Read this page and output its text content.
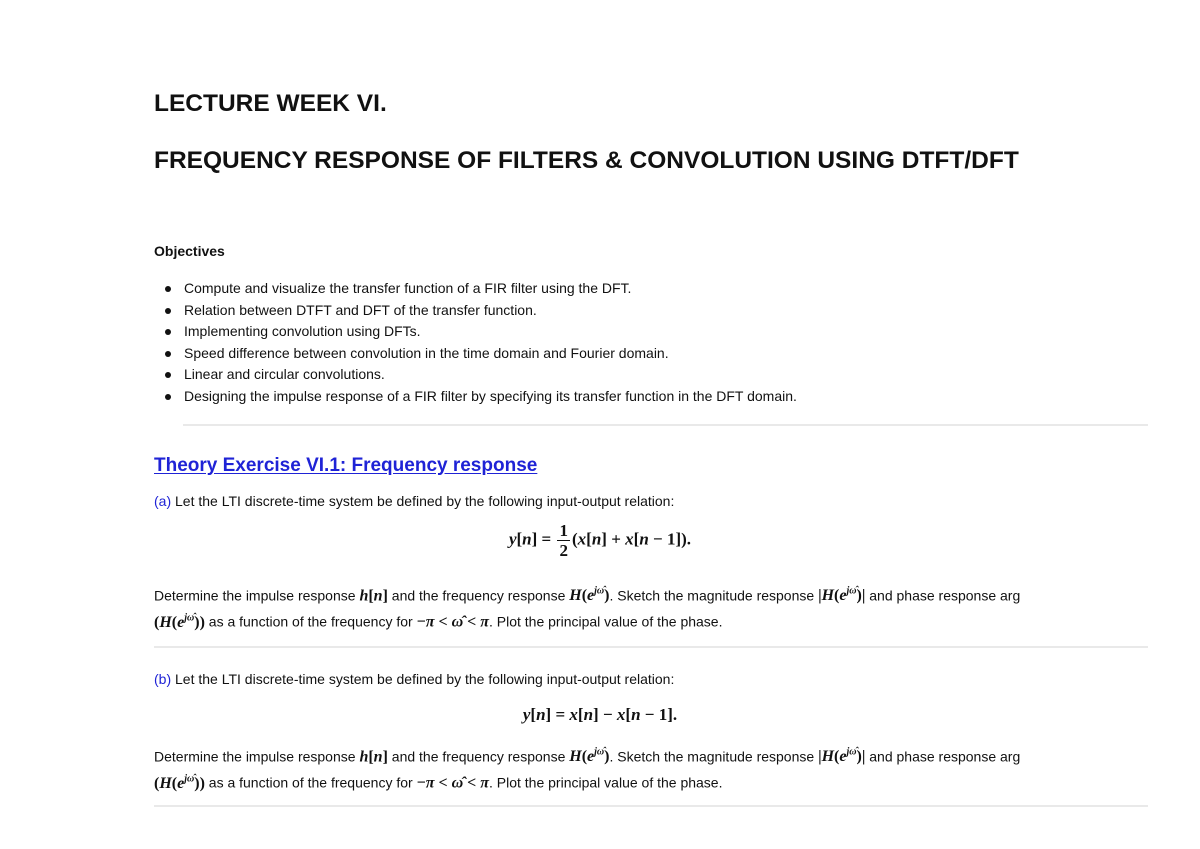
LECTURE WEEK VI.
FREQUENCY RESPONSE OF FILTERS & CONVOLUTION USING DTFT/DFT

Objectives

Compute and visualize the transfer function of a FIR filter using the DFT.
Relation between DTFT and DFT of the transfer function.
Implementing convolution using DFTs.
Speed difference between convolution in the time domain and Fourier domain.
Linear and circular convolutions.
Designing the impulse response of a FIR filter by specifying its transfer function in the DFT domain.
Theory Exercise VI.1: Frequency response

(a) Let the LTI discrete-time system be defined by the following input-output relation:

$y[n] = \frac{1}{2} (x[n] + x[n - 1])$.

Determine the impulse response h[n] and the frequency response $H(e^{j\omegâ})$. Sketch the magnitude response $|H(e^{j\omegâ})|$ and phase response arg
$(H(e^{j\omegâ}))$ as a function of the frequency for −π < ω̂ < π. Plot the principal value of the phase.

(b) Let the LTI discrete-time system be defined by the following input-output relation:

y[n] = x[n] − x[n − 1].

Determine the impulse response h[n] and the frequency response $H(e^{j\omegâ})$. Sketch the magnitude response $|H(e^{j\omegâ})|$ and phase response arg
$(H(e^{j\omegâ}))$ as a function of the frequency for −π < ω̂ < π. Plot the principal value of the phase.
